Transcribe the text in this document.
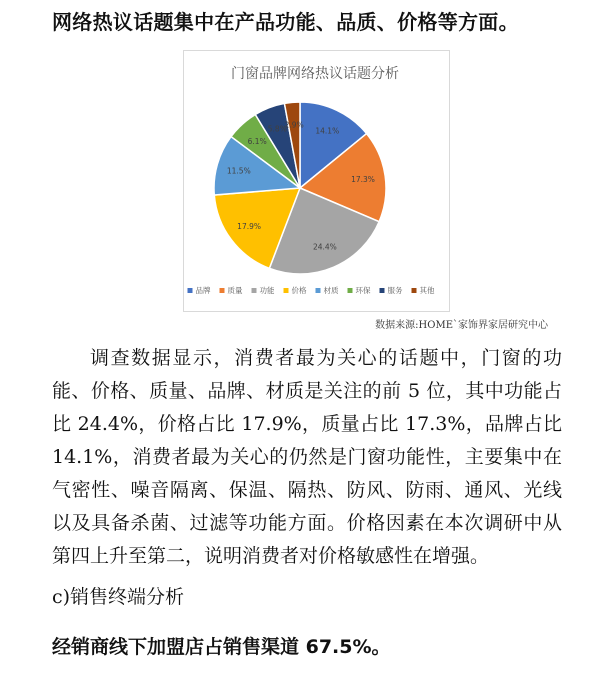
网络热议话题集中在产品功能、品质、价格等方面。
门窗品牌网络热议话题分析
14.1%
17.3%
24.4%
17.9%
11.5%
6.1%
5.8%
2.9%
品牌 质量 功能 价格 材质 环保 服务 其他
数据来源:HOME`家饰界家居研究中心

调查数据显示，消费者最为关心的话题中，门窗的功能、价格、质量、品牌、材质是关注的前 5 位，其中功能占比 24.4%，价格占比 17.9%，质量占比 17.3%，品牌占比 14.1%，消费者最为关心的仍然是门窗功能性，主要集中在气密性、噪音隔离、保温、隔热、防风、防雨、通风、光线以及具备杀菌、过滤等功能方面。价格因素在本次调研中从第四上升至第二，说明消费者对价格敏感性在增强。

c)销售终端分析
经销商线下加盟店占销售渠道 67.5%。
